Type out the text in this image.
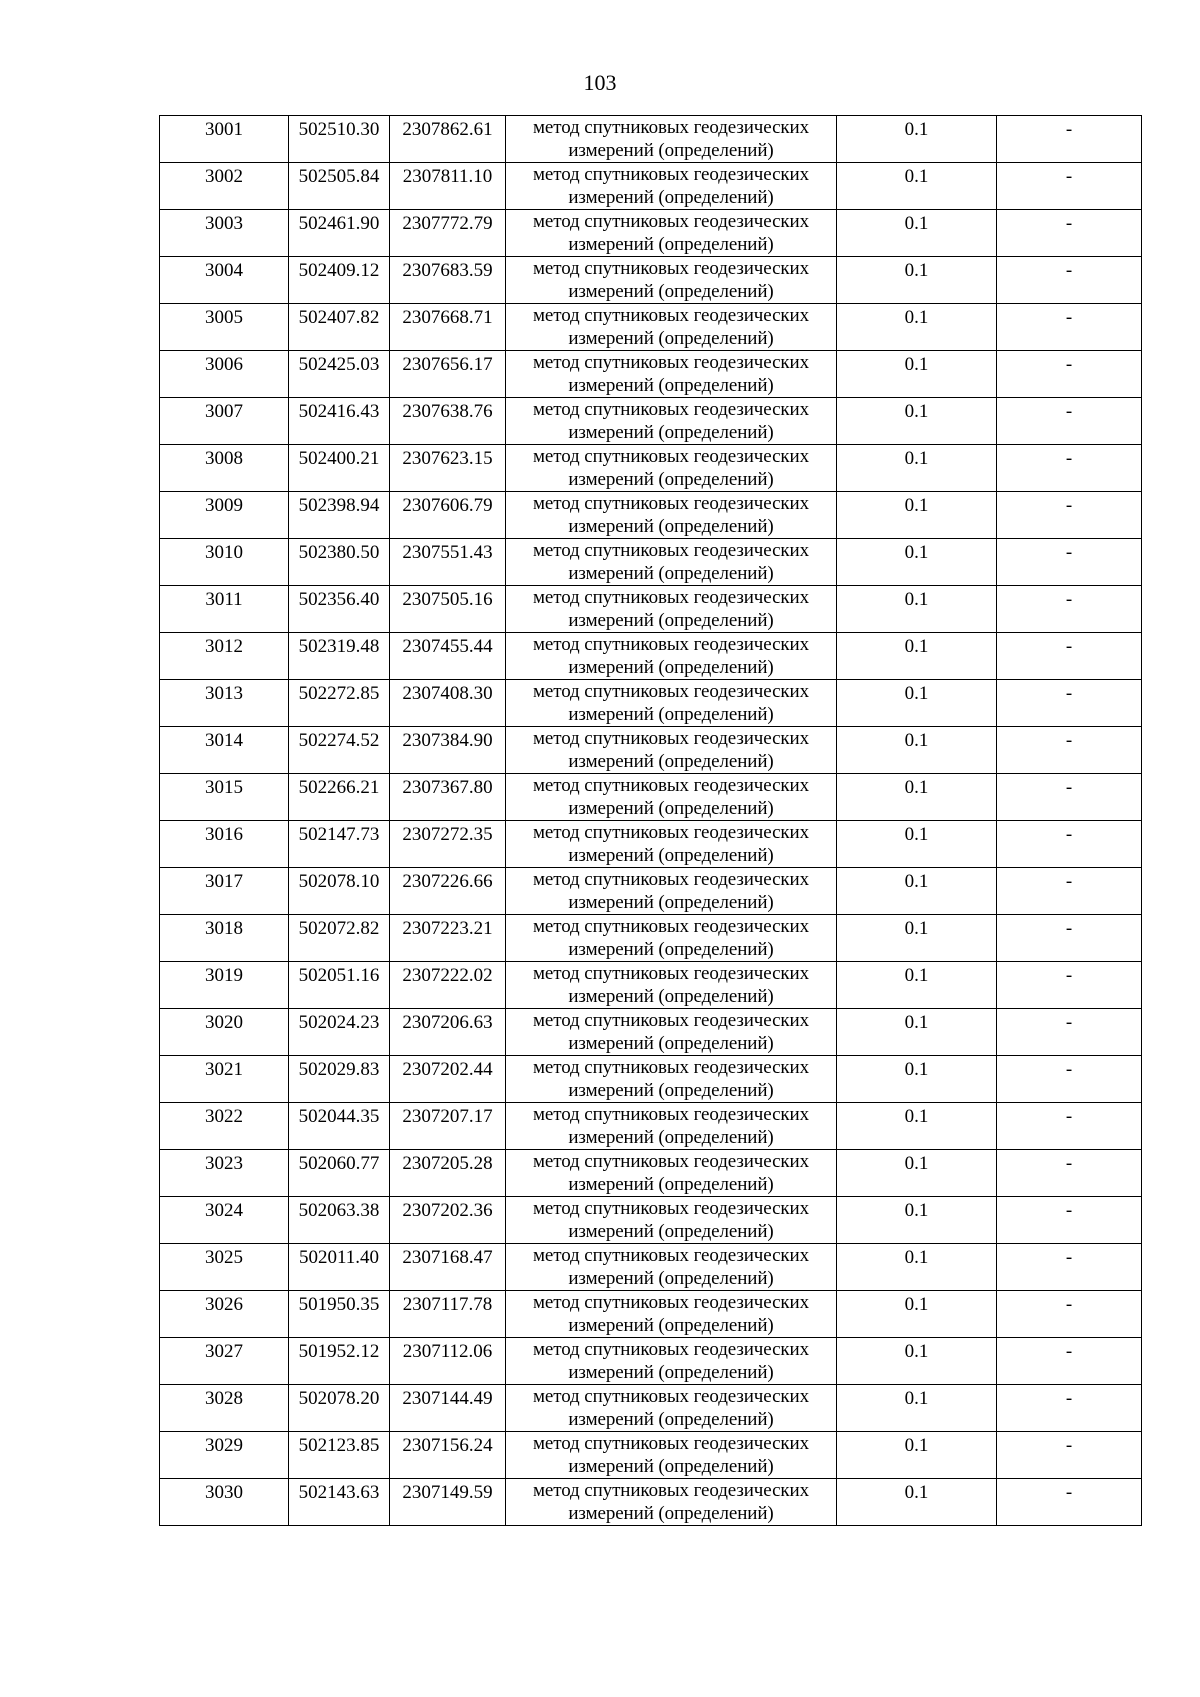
103
3001	502510.30	2307862.61	метод спутниковых геодезических
измерений (определений)	0.1	-
3002	502505.84	2307811.10	метод спутниковых геодезических
измерений (определений)	0.1	-
3003	502461.90	2307772.79	метод спутниковых геодезических
измерений (определений)	0.1	-
3004	502409.12	2307683.59	метод спутниковых геодезических
измерений (определений)	0.1	-
3005	502407.82	2307668.71	метод спутниковых геодезических
измерений (определений)	0.1	-
3006	502425.03	2307656.17	метод спутниковых геодезических
измерений (определений)	0.1	-
3007	502416.43	2307638.76	метод спутниковых геодезических
измерений (определений)	0.1	-
3008	502400.21	2307623.15	метод спутниковых геодезических
измерений (определений)	0.1	-
3009	502398.94	2307606.79	метод спутниковых геодезических
измерений (определений)	0.1	-
3010	502380.50	2307551.43	метод спутниковых геодезических
измерений (определений)	0.1	-
3011	502356.40	2307505.16	метод спутниковых геодезических
измерений (определений)	0.1	-
3012	502319.48	2307455.44	метод спутниковых геодезических
измерений (определений)	0.1	-
3013	502272.85	2307408.30	метод спутниковых геодезических
измерений (определений)	0.1	-
3014	502274.52	2307384.90	метод спутниковых геодезических
измерений (определений)	0.1	-
3015	502266.21	2307367.80	метод спутниковых геодезических
измерений (определений)	0.1	-
3016	502147.73	2307272.35	метод спутниковых геодезических
измерений (определений)	0.1	-
3017	502078.10	2307226.66	метод спутниковых геодезических
измерений (определений)	0.1	-
3018	502072.82	2307223.21	метод спутниковых геодезических
измерений (определений)	0.1	-
3019	502051.16	2307222.02	метод спутниковых геодезических
измерений (определений)	0.1	-
3020	502024.23	2307206.63	метод спутниковых геодезических
измерений (определений)	0.1	-
3021	502029.83	2307202.44	метод спутниковых геодезических
измерений (определений)	0.1	-
3022	502044.35	2307207.17	метод спутниковых геодезических
измерений (определений)	0.1	-
3023	502060.77	2307205.28	метод спутниковых геодезических
измерений (определений)	0.1	-
3024	502063.38	2307202.36	метод спутниковых геодезических
измерений (определений)	0.1	-
3025	502011.40	2307168.47	метод спутниковых геодезических
измерений (определений)	0.1	-
3026	501950.35	2307117.78	метод спутниковых геодезических
измерений (определений)	0.1	-
3027	501952.12	2307112.06	метод спутниковых геодезических
измерений (определений)	0.1	-
3028	502078.20	2307144.49	метод спутниковых геодезических
измерений (определений)	0.1	-
3029	502123.85	2307156.24	метод спутниковых геодезических
измерений (определений)	0.1	-
3030	502143.63	2307149.59	метод спутниковых геодезических
измерений (определений)	0.1	-
